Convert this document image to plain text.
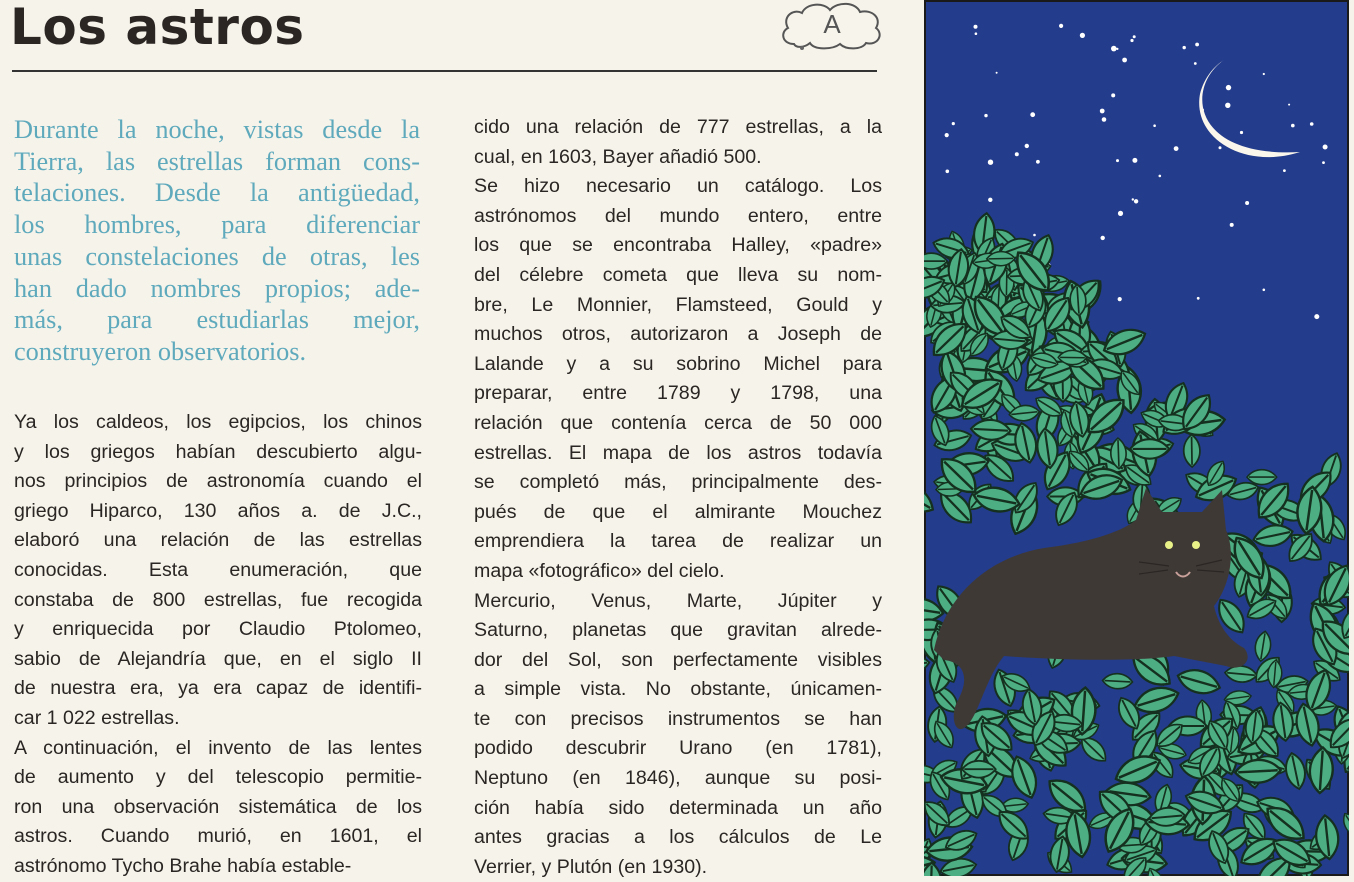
Los astros	A
Durante la noche, vistas desde la
Tierra, las estrellas forman cons-
telaciones. Desde la antigüedad,
los hombres, para diferenciar
unas constelaciones de otras, les
han dado nombres propios; ade-
más, para estudiarlas mejor,
construyeron observatorios.
Ya los caldeos, los egipcios, los chinos
y los griegos habían descubierto algu-
nos principios de astronomía cuando el
griego Hiparco, 130 años a. de J.C.,
elaboró una relación de las estrellas
conocidas. Esta enumeración, que
constaba de 800 estrellas, fue recogida
y enriquecida por Claudio Ptolomeo,
sabio de Alejandría que, en el siglo II
de nuestra era, ya era capaz de identifi-
car 1 022 estrellas.
A continuación, el invento de las lentes
de aumento y del telescopio permitie-
ron una observación sistemática de los
astros. Cuando murió, en 1601, el
astrónomo Tycho Brahe había estable-
cido una relación de 777 estrellas, a la
cual, en 1603, Bayer añadió 500.
Se hizo necesario un catálogo. Los
astrónomos del mundo entero, entre
los que se encontraba Halley, «padre»
del célebre cometa que lleva su nom-
bre, Le Monnier, Flamsteed, Gould y
muchos otros, autorizaron a Joseph de
Lalande y a su sobrino Michel para
preparar, entre 1789 y 1798, una
relación que contenía cerca de 50 000
estrellas. El mapa de los astros todavía
se completó más, principalmente des-
pués de que el almirante Mouchez
emprendiera la tarea de realizar un
mapa «fotográfico» del cielo.
Mercurio, Venus, Marte, Júpiter y
Saturno, planetas que gravitan alrede-
dor del Sol, son perfectamente visibles
a simple vista. No obstante, únicamen-
te con precisos instrumentos se han
podido descubrir Urano (en 1781),
Neptuno (en 1846), aunque su posi-
ción había sido determinada un año
antes gracias a los cálculos de Le
Verrier, y Plutón (en 1930).
